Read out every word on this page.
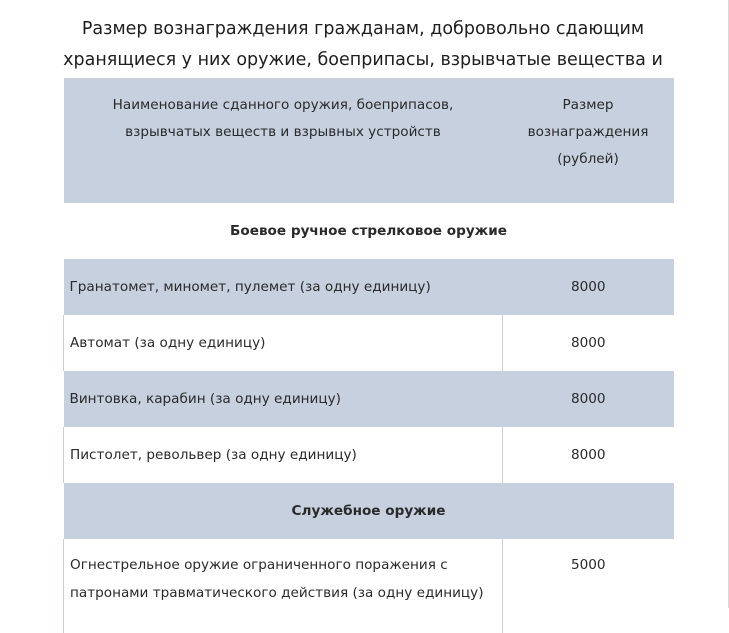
Размер вознаграждения гражданам, добровольно сдающим хранящиеся у них оружие, боеприпасы, взрывчатые вещества и
Наименование сданного оружия, боеприпасов, взрывчатых веществ и взрывных устройств	Размер вознаграждения (рублей)
Боевое ручное стрелковое оружие	
Гранатомет, миномет, пулемет (за одну единицу)	8000
Автомат (за одну единицу)	8000
Винтовка, карабин (за одну единицу)	8000
Пистолет, револьвер (за одну единицу)	8000
Служебное оружие	
Огнестрельное оружие ограниченного поражения с патронами травматического действия (за одну единицу)	5000
